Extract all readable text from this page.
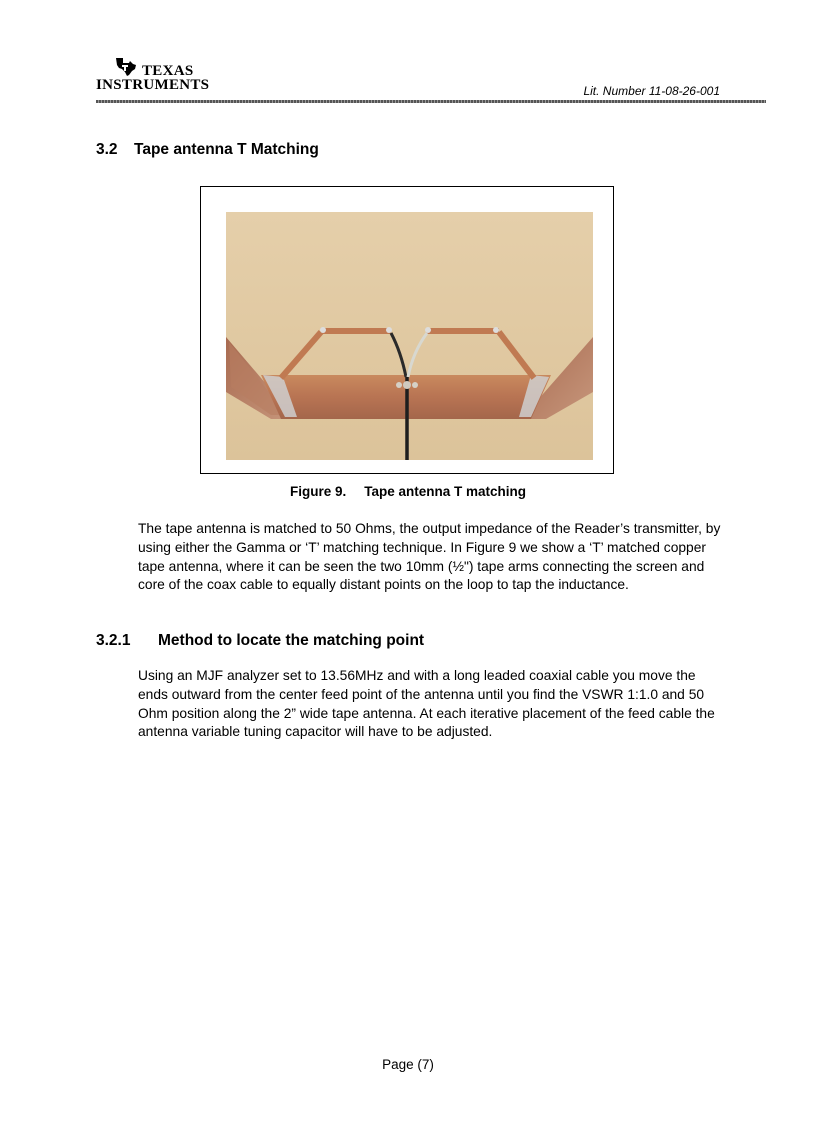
TEXAS
INSTRUMENTS	Lit. Number 11-08-26-001
3.2 Tape antenna T Matching
Figure 9. Tape antenna T matching
The tape antenna is matched to 50 Ohms, the output impedance of the Reader’s transmitter, by using either the Gamma or ‘T’ matching technique. In Figure 9 we show a ‘T’ matched copper tape antenna, where it can be seen the two 10mm (½") tape arms connecting the screen and core of the coax cable to equally distant points on the loop to tap the inductance.
3.2.1 Method to locate the matching point
Using an MJF analyzer set to 13.56MHz and with a long leaded coaxial cable you move the ends outward from the center feed point of the antenna until you find the VSWR 1:1.0 and 50 Ohm position along the 2” wide tape antenna. At each iterative placement of the feed cable the antenna variable tuning capacitor will have to be adjusted.
Page (7)
